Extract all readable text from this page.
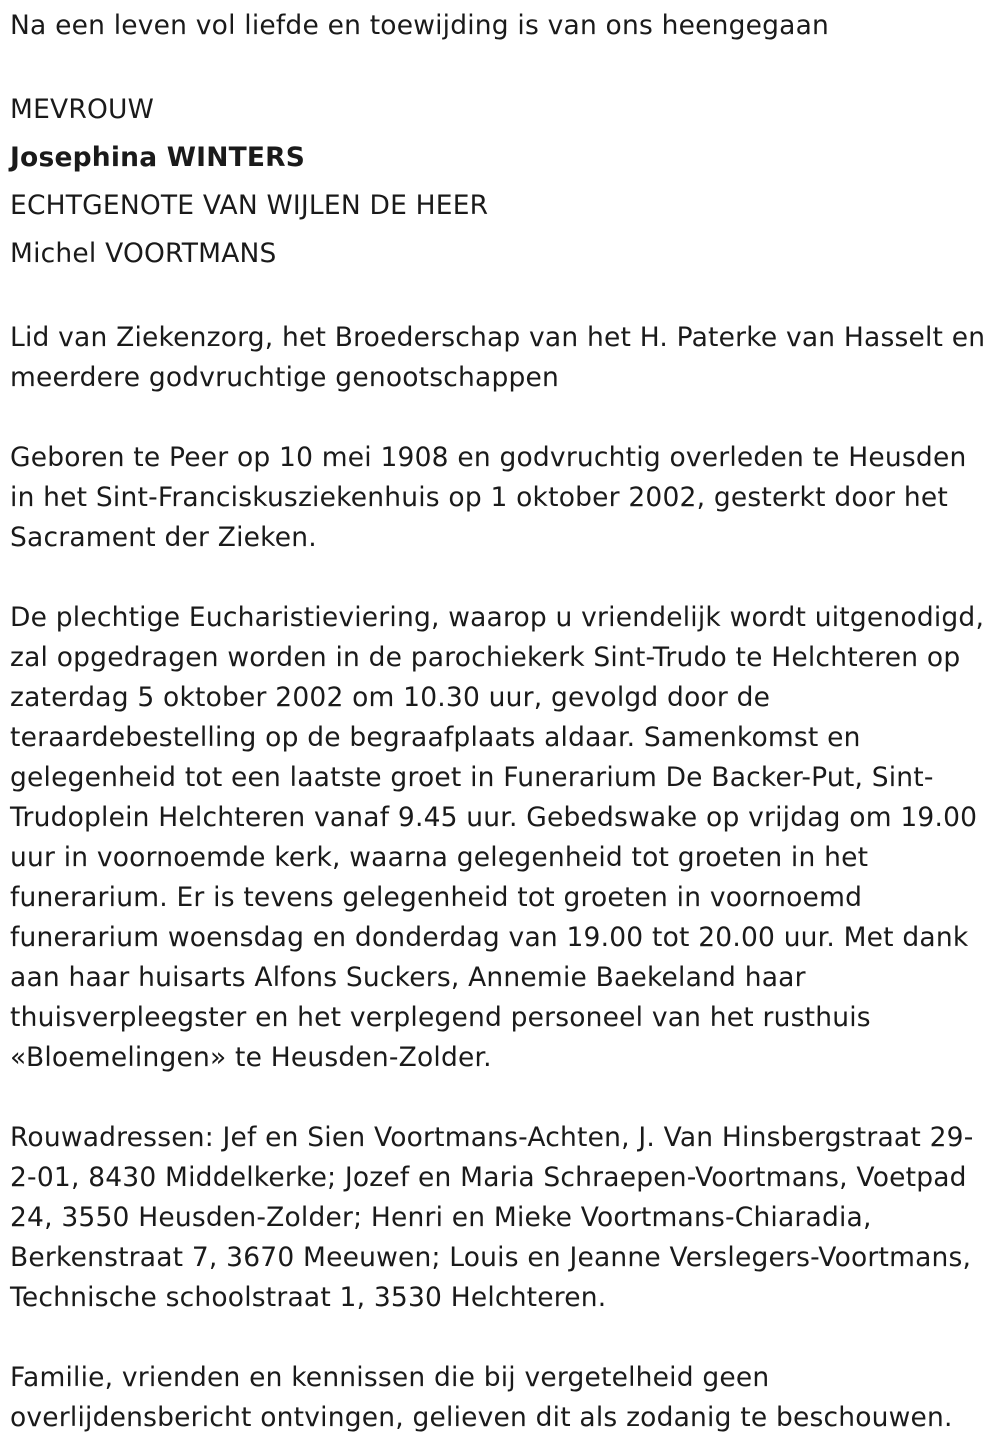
Na een leven vol liefde en toewijding is van ons heengegaan

MEVROUW

Josephina WINTERS

ECHTGENOTE VAN WIJLEN DE HEER

Michel VOORTMANS

Lid van Ziekenzorg, het Broederschap van het H. Paterke van Hasselt en meerdere godvruchtige genootschappen

Geboren te Peer op 10 mei 1908 en godvruchtig overleden te Heusden in het Sint-Franciskusziekenhuis op 1 oktober 2002, gesterkt door het Sacrament der Zieken.

De plechtige Eucharistieviering, waarop u vriendelijk wordt uitgenodigd, zal opgedragen worden in de parochiekerk Sint-Trudo te Helchteren op zaterdag 5 oktober 2002 om 10.30 uur, gevolgd door de teraardebestelling op de begraafplaats aldaar. Samenkomst en gelegenheid tot een laatste groet in Funerarium De Backer-Put, Sint-Trudoplein Helchteren vanaf 9.45 uur. Gebedswake op vrijdag om 19.00 uur in voornoemde kerk, waarna gelegenheid tot groeten in het funerarium. Er is tevens gelegenheid tot groeten in voornoemd funerarium woensdag en donderdag van 19.00 tot 20.00 uur. Met dank aan haar huisarts Alfons Suckers, Annemie Baekeland haar thuisverpleegster en het verplegend personeel van het rusthuis «Bloemelingen» te Heusden-Zolder.

Rouwadressen: Jef en Sien Voortmans-Achten, J. Van Hinsbergstraat 29-2-01, 8430 Middelkerke; Jozef en Maria Schraepen-Voortmans, Voetpad 24, 3550 Heusden-Zolder; Henri en Mieke Voortmans-Chiaradia, Berkenstraat 7, 3670 Meeuwen; Louis en Jeanne Verslegers-Voortmans, Technische schoolstraat 1, 3530 Helchteren.

Familie, vrienden en kennissen die bij vergetelheid geen overlijdensbericht ontvingen, gelieven dit als zodanig te beschouwen.
